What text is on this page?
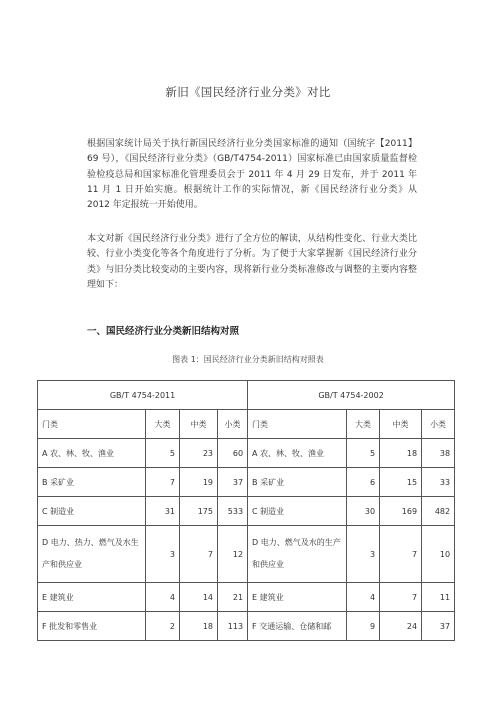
新旧《国民经济行业分类》对比

根据国家统计局关于执行新国民经济行业分类国家标准的通知（国统字【2011】69 号），《国民经济行业分类》（GB/T4754-2011）国家标准已由国家质量监督检验检疫总局和国家标准化管理委员会于 2011 年 4 月 29 日发布，并于 2011 年 11 月 1 日开始实施。根据统计工作的实际情况，新《国民经济行业分类》从 2012 年定报统一开始使用。

本文对新《国民经济行业分类》进行了全方位的解读，从结构性变化、行业大类比较、行业小类变化等各个角度进行了分析。为了便于大家掌握新《国民经济行业分类》与旧分类比较变动的主要内容，现将新行业分类标准修改与调整的主要内容整理如下：

一、国民经济行业分类新旧结构对照
图表 1：国民经济行业分类新旧结构对照表
GB/T 4754-2011				GB/T 4754-2002			
门类	大类	中类	小类	门类	大类	中类	小类
A 农、林、牧、渔业	5	23	60	A 农、林、牧、渔业	5	18	38
B 采矿业	7	19	37	B 采矿业	6	15	33
C 制造业	31	175	533	C 制造业	30	169	482
D 电力、热力、燃气及水生产和供应业	3	7	12	D 电力、燃气及水的生产和供应业	3	7	10
E 建筑业	4	14	21	E 建筑业	4	7	11
F 批发和零售业	2	18	113	F 交通运输、仓储和邮	9	24	37
